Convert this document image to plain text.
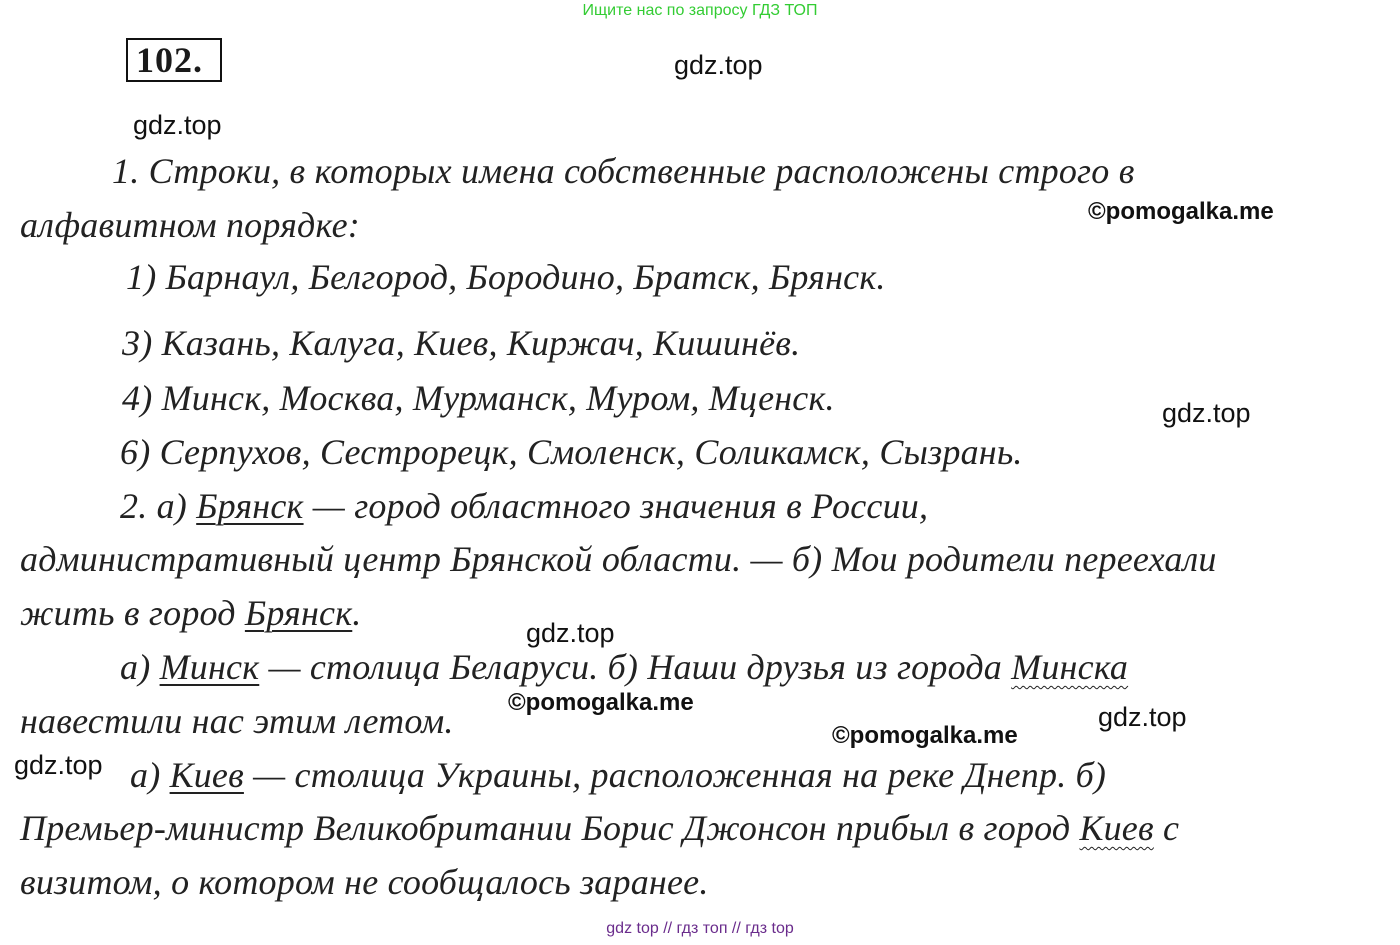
Ищите нас по запросу ГДЗ ТОП
102.	gdz.top
gdz.top
©pomogalka.me
gdz.top
gdz.top
©pomogalka.me	gdz.top
©pomogalka.me
gdz.top
1. Строки, в которых имена собственные расположены строго в
алфавитном порядке:
1) Барнаул, Белгород, Бородино, Братск, Брянск.
3) Казань, Калуга, Киев, Киржач, Кишинёв.
4) Минск, Москва, Мурманск, Муром, Мценск.
6) Серпухов, Сестрорецк, Смоленск, Соликамск, Сызрань.
2. а) Брянск — город областного значения в России,
административный центр Брянской области. — б) Мои родители переехали
жить в город Брянск.
а) Минск — столица Беларуси. б) Наши друзья из города Минска
навестили нас этим летом.
а) Киев — столица Украины, расположенная на реке Днепр. б)
Премьер-министр Великобритании Борис Джонсон прибыл в город Киев с
визитом, о котором не сообщалось заранее.
gdz top // гдз топ // гдз top
